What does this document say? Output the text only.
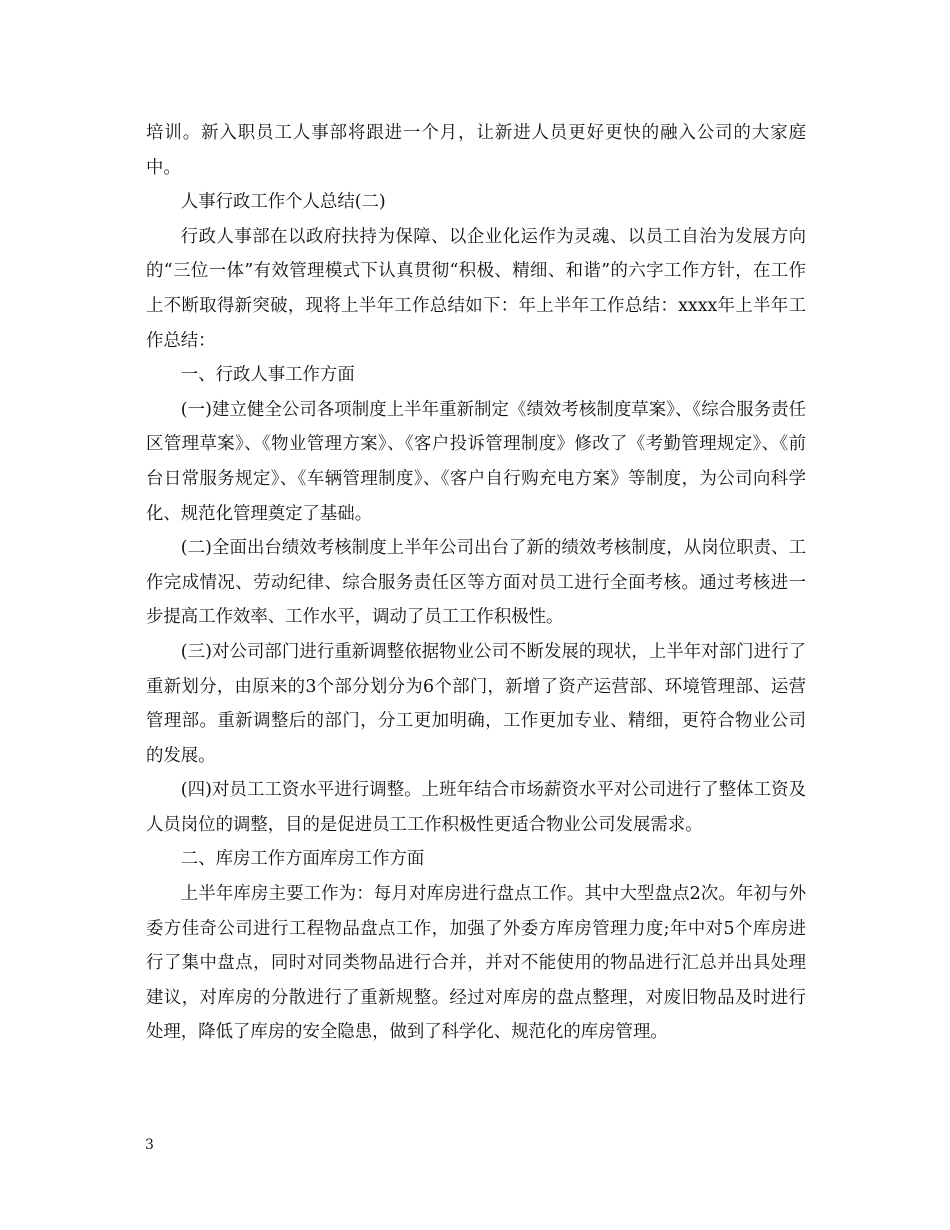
培训。新入职员工人事部将跟进一个月，让新进人员更好更快的融入公司的大家庭中。

人事行政工作个人总结(二)

行政人事部在以政府扶持为保障、以企业化运作为灵魂、以员工自治为发展方向的“三位一体”有效管理模式下认真贯彻“积极、精细、和谐”的六字工作方针，在工作上不断取得新突破，现将上半年工作总结如下：年上半年工作总结：xxxx年上半年工作总结：

一、行政人事工作方面

(一)建立健全公司各项制度上半年重新制定《绩效考核制度草案》、《综合服务责任区管理草案》、《物业管理方案》、《客户投诉管理制度》修改了《考勤管理规定》、《前台日常服务规定》、《车辆管理制度》、《客户自行购充电方案》等制度，为公司向科学化、规范化管理奠定了基础。

(二)全面出台绩效考核制度上半年公司出台了新的绩效考核制度，从岗位职责、工作完成情况、劳动纪律、综合服务责任区等方面对员工进行全面考核。通过考核进一步提高工作效率、工作水平，调动了员工工作积极性。

(三)对公司部门进行重新调整依据物业公司不断发展的现状，上半年对部门进行了重新划分，由原来的3个部分划分为6个部门，新增了资产运营部、环境管理部、运营管理部。重新调整后的部门，分工更加明确，工作更加专业、精细，更符合物业公司的发展。

(四)对员工工资水平进行调整。上班年结合市场薪资水平对公司进行了整体工资及人员岗位的调整，目的是促进员工工作积极性更适合物业公司发展需求。

二、库房工作方面库房工作方面

上半年库房主要工作为：每月对库房进行盘点工作。其中大型盘点2次。年初与外委方佳奇公司进行工程物品盘点工作，加强了外委方库房管理力度;年中对5个库房进行了集中盘点，同时对同类物品进行合并，并对不能使用的物品进行汇总并出具处理建议，对库房的分散进行了重新规整。经过对库房的盘点整理，对废旧物品及时进行处理，降低了库房的安全隐患，做到了科学化、规范化的库房管理。

3
